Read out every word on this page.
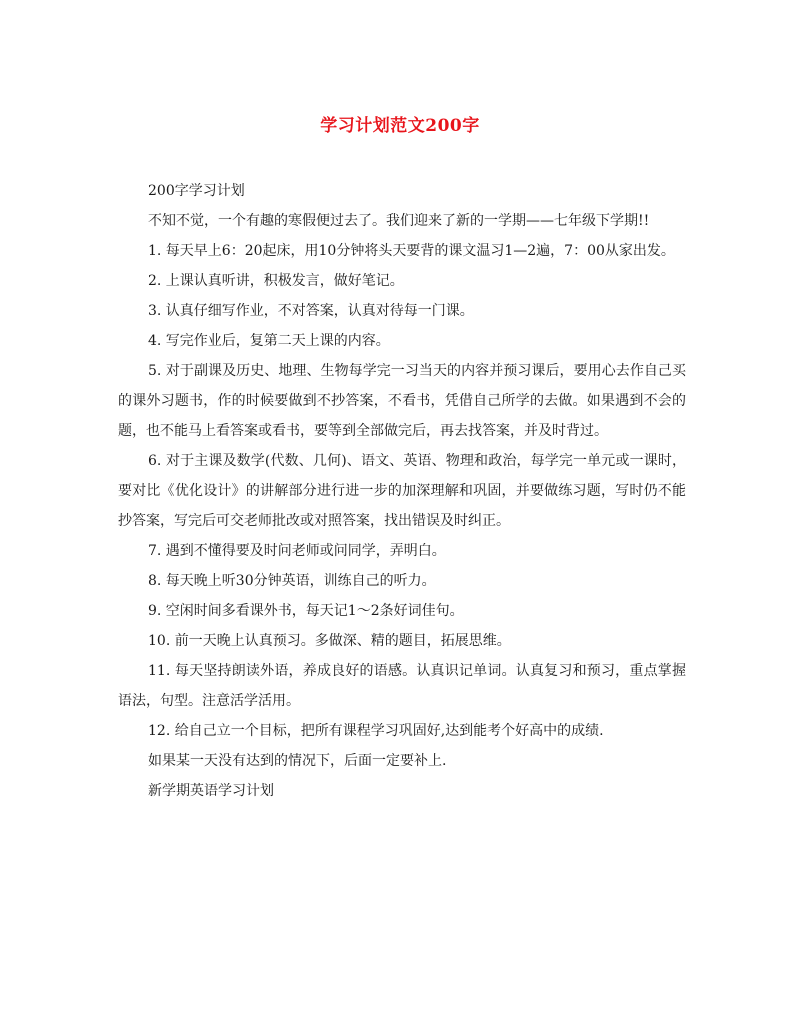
学习计划范文200字

200字学习计划

不知不觉，一个有趣的寒假便过去了。我们迎来了新的一学期——七年级下学期!!

1. 每天早上6：20起床，用10分钟将头天要背的课文温习1—2遍，7：00从家出发。

2. 上课认真听讲，积极发言，做好笔记。

3. 认真仔细写作业，不对答案，认真对待每一门课。

4. 写完作业后，复第二天上课的内容。

5. 对于副课及历史、地理、生物每学完一习当天的内容并预习课后，要用心去作自己买的课外习题书，作的时候要做到不抄答案，不看书，凭借自己所学的去做。如果遇到不会的题，也不能马上看答案或看书，要等到全部做完后，再去找答案，并及时背过。

6. 对于主课及数学(代数、几何)、语文、英语、物理和政治，每学完一单元或一课时，要对比《优化设计》的讲解部分进行进一步的加深理解和巩固，并要做练习题，写时仍不能抄答案，写完后可交老师批改或对照答案，找出错误及时纠正。

7. 遇到不懂得要及时问老师或问同学，弄明白。

8. 每天晚上听30分钟英语，训练自己的听力。

9. 空闲时间多看课外书，每天记1～2条好词佳句。

10. 前一天晚上认真预习。多做深、精的题目，拓展思维。

11. 每天坚持朗读外语，养成良好的语感。认真识记单词。认真复习和预习，重点掌握语法，句型。注意活学活用。

12. 给自己立一个目标，把所有课程学习巩固好,达到能考个好高中的成绩.

如果某一天没有达到的情况下，后面一定要补上.

新学期英语学习计划
